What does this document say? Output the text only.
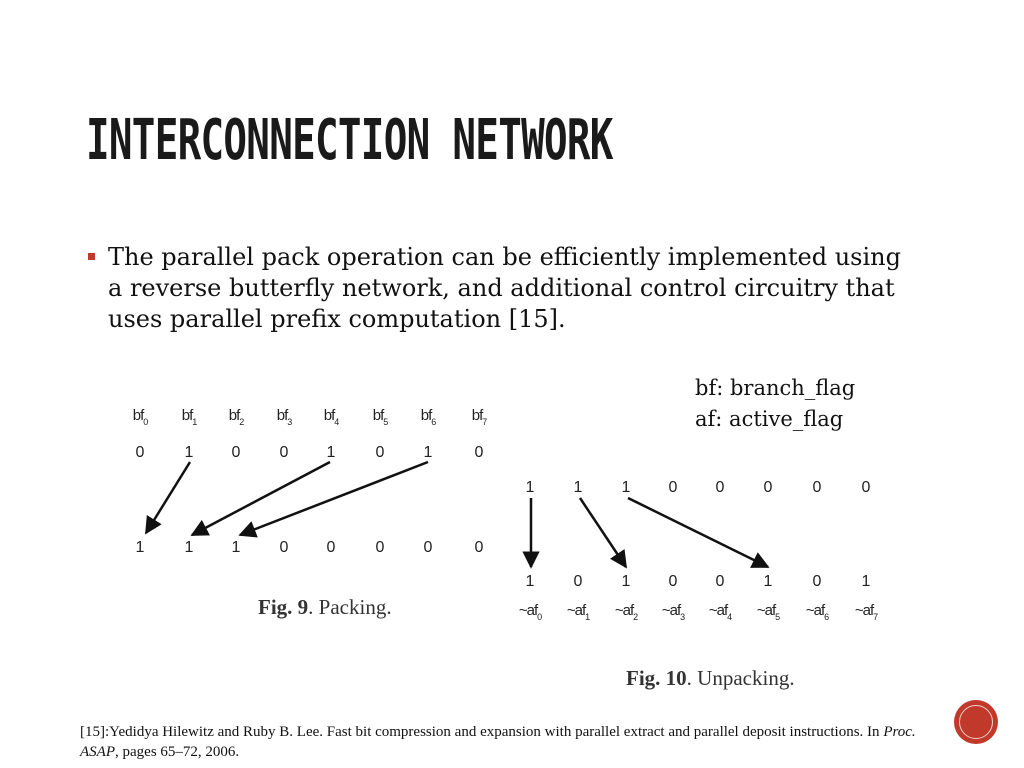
INTERCONNECTION NETWORK
The parallel pack operation can be efficiently implemented using a reverse butterfly network, and additional control circuitry that uses parallel prefix computation [15].
bf: branch_flag
af: active_flag
$bf_0$ $bf_1$ $bf_2$ $bf_3$ $bf_4$ $bf_5$ $bf_6$ $bf_7$
0	1 0 0 1	0 1	0
1	1 1 0 0	0 0	0
1 1 1 0 0 0	0	0
1 0 1 0 0 1	0	1
$\sim af_0$ $\sim af_1$ $\sim af_2$ $\sim af_3$ $\sim af_4$ $\sim af_5$ $\sim af_6$ $\sim af_7$
Fig. 9. Packing.
Fig. 10. Unpacking.
[15]:Yedidya Hilewitz and Ruby B. Lee. Fast bit compression and expansion with parallel extract and parallel deposit instructions. In Proc. ASAP, pages 65–72, 2006.
